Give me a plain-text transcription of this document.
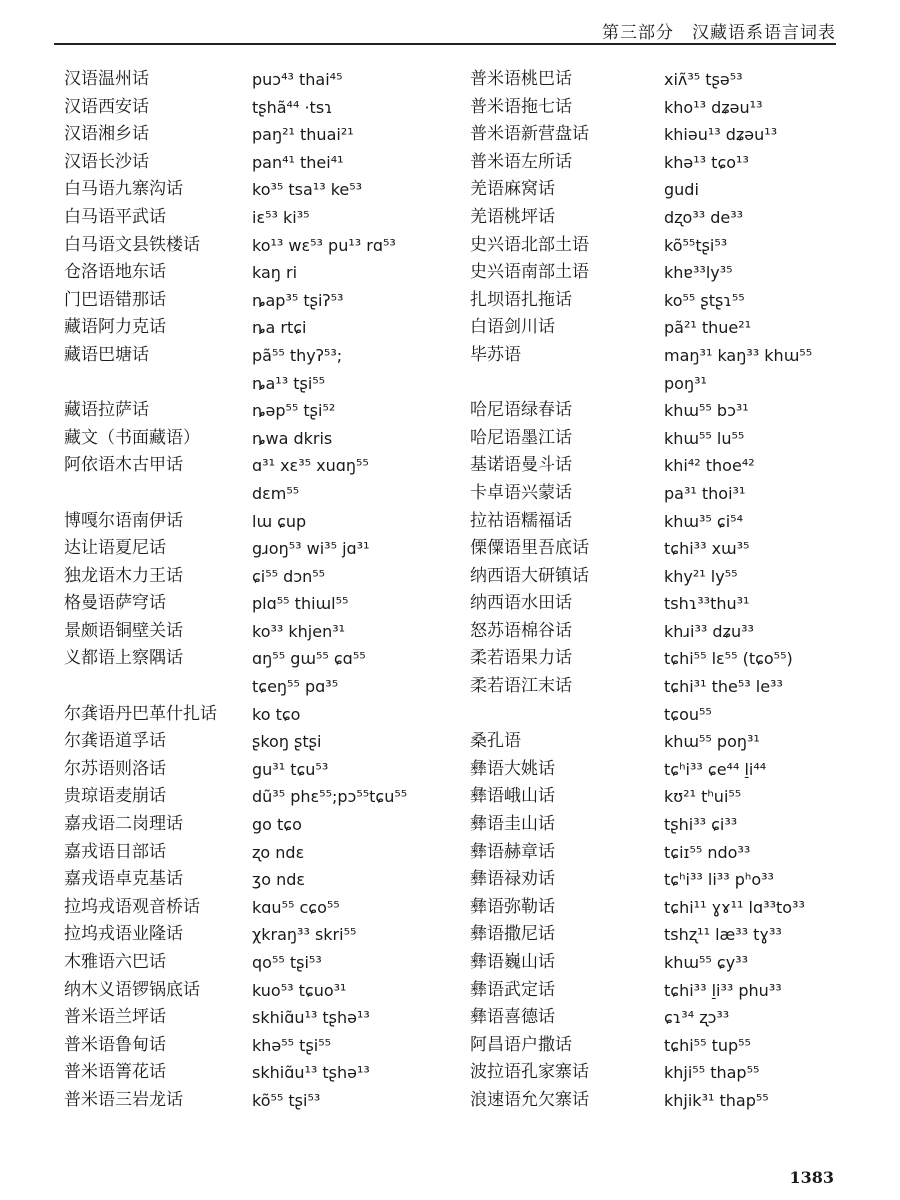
第三部分　汉藏语系语言词表
汉语温州话
汉语西安话
汉语湘乡话
汉语长沙话
白马语九寨沟话
白马语平武话
白马语文县铁楼话
仓洛语地东话
门巴语错那话
藏语阿力克话
藏语巴塘话
藏语拉萨话
藏文（书面藏语）
阿依语木古甲话
博嘎尔语南伊话
达让语夏尼话
独龙语木力王话
格曼语萨穹话
景颇语铜壁关话
义都语上察隅话
尔龚语丹巴革什扎话
尔龚语道孚话
尔苏语则洛话
贵琼语麦崩话
嘉戎语二岗理话
嘉戎语日部话
嘉戎语卓克基话
拉坞戎语观音桥话
拉坞戎语业隆话
木雅语六巴话
纳木义语锣锅底话
普米语兰坪话
普米语鲁甸话
普米语箐花话
普米语三岩龙话
puɔ⁴³ thai⁴⁵
tʂhã⁴⁴ ·tsɿ
paŋ²¹ thuai²¹
pan⁴¹ thei⁴¹
ko³⁵ tsa¹³ ke⁵³
iɛ⁵³ ki³⁵
ko¹³ wɛ⁵³ pu¹³ rɑ⁵³
kaŋ ri
ȵap³⁵ tʂiʔ⁵³
ȵa rtɕi
pã⁵⁵ thyʔ⁵³;
ȵa¹³ tʂi⁵⁵
ȵəp⁵⁵ tʂi⁵²
ȵwa dkris
ɑ³¹ xɛ³⁵ xuɑŋ⁵⁵
dɛm⁵⁵
lɯ ɕup
gɹoŋ⁵³ wi³⁵ jɑ³¹
ɕi⁵⁵ dɔn⁵⁵
plɑ⁵⁵ thiɯl⁵⁵
ko³³ khjen³¹
ɑŋ⁵⁵ gɯ⁵⁵ ɕɑ⁵⁵
tɕeŋ⁵⁵ pɑ³⁵
ko tɕo
ʂkoŋ ʂtʂi
gu³¹ tɕu⁵³
dũ³⁵ phɛ⁵⁵;pɔ⁵⁵tɕu⁵⁵
go tɕo
ʐo ndɛ
ʒo ndɛ
kɑu⁵⁵ cɕo⁵⁵
χkraŋ³³ skri⁵⁵
qo⁵⁵ tʂi⁵³
kuo⁵³ tɕuo³¹
skhiɑ̃u¹³ tʂhə¹³
khə⁵⁵ tʂi⁵⁵
skhiɑ̃u¹³ tʂhə¹³
kõ⁵⁵ tʂi⁵³
普米语桃巴话
普米语拖七话
普米语新营盘话
普米语左所话
羌语麻窝话
羌语桃坪话
史兴语北部土语
史兴语南部土语
扎坝语扎拖话
白语剑川话
毕苏语
哈尼语绿春话
哈尼语墨江话
基诺语曼斗话
卡卓语兴蒙话
拉祜语糯福话
傈僳语里吾底话
纳西语大研镇话
纳西语水田话
怒苏语棉谷话
柔若语果力话
柔若语江末话
桑孔语
彝语大姚话
彝语峨山话
彝语圭山话
彝语赫章话
彝语禄劝话
彝语弥勒话
彝语撒尼话
彝语巍山话
彝语武定话
彝语喜德话
阿昌语户撒话
波拉语孔家寨话
浪速语允欠寨话
xiʌ̃³⁵ tʂə⁵³
kho¹³ dʑəu¹³
khiəu¹³ dʑəu¹³
khə¹³ tɕo¹³
gudi
dʐo³³ de³³
kõ⁵⁵tʂi⁵³
khɐ³³ly³⁵
ko⁵⁵ ʂtʂɿ⁵⁵
pã²¹ thue²¹
maŋ³¹ kaŋ³³ khɯ⁵⁵
poŋ³¹
khɯ⁵⁵ bɔ³¹
khɯ⁵⁵ lu⁵⁵
khi⁴² thoe⁴²
pa³¹ thoi³¹
khɯ³⁵ ɕi⁵⁴
tɕhi³³ xɯ³⁵
khy²¹ ly⁵⁵
tshɿ³³thu³¹
khɹi³³ dʑu³³
tɕhi⁵⁵ lɛ⁵⁵ (tɕo⁵⁵)
tɕhi³¹ the⁵³ le³³
tɕou⁵⁵
khɯ⁵⁵ poŋ³¹
tɕʰi³³ ɕe⁴⁴ l̠i⁴⁴
kʊ²¹ tʰui⁵⁵
tʂhi³³ ɕi³³
tɕiɪ⁵⁵ ndo³³
tɕʰi³³ li³³ pʰo³³
tɕhi¹¹ ɣɤ¹¹ lɑ³³to³³
tshʐ¹¹ læ³³ tɣ³³
khɯ⁵⁵ ɕy³³
tɕhi³³ l̠i³³ phu³³
ɕɿ³⁴ ʐɔ³³
tɕhi⁵⁵ tup⁵⁵
khji⁵⁵ thap⁵⁵
khjik³¹ thap⁵⁵
1383
